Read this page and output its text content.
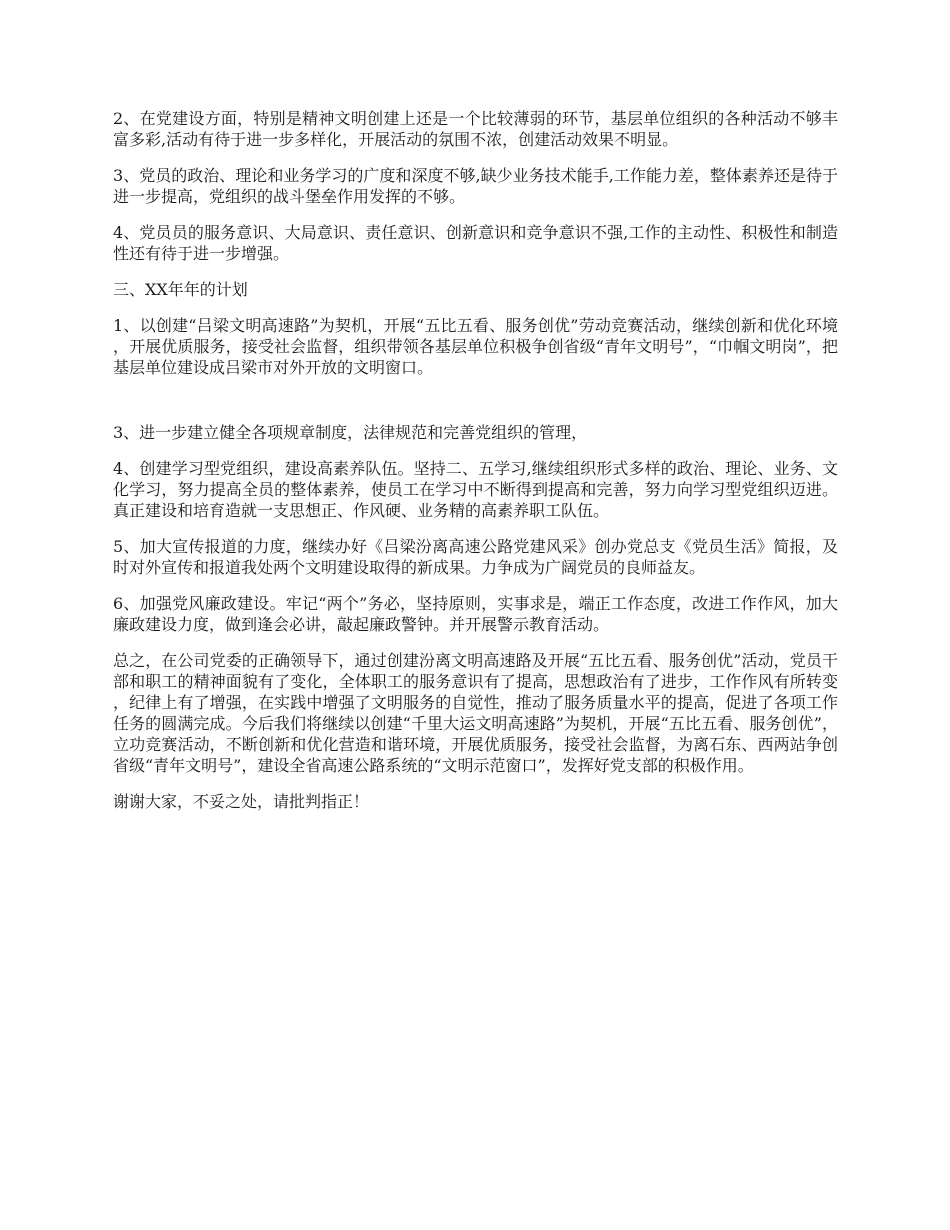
2、在党建设方面，特别是精神文明创建上还是一个比较薄弱的环节，基层单位组织的各种活动不够丰富多彩,活动有待于进一步多样化，开展活动的氛围不浓，创建活动效果不明显。

3、党员的政治、理论和业务学习的广度和深度不够,缺少业务技术能手,工作能力差，整体素养还是待于进一步提高，党组织的战斗堡垒作用发挥的不够。

4、党员员的服务意识、大局意识、责任意识、创新意识和竞争意识不强,工作的主动性、积极性和制造性还有待于进一步增强。

三、XX年年的计划

1、以创建“吕梁文明高速路”为契机，开展“五比五看、服务创优”劳动竞赛活动，继续创新和优化环境，开展优质服务，接受社会监督，组织带领各基层单位积极争创省级“青年文明号”，“巾帼文明岗”，把基层单位建设成吕梁市对外开放的文明窗口。

3、进一步建立健全各项规章制度，法律规范和完善党组织的管理，

4、创建学习型党组织，建设高素养队伍。坚持二、五学习,继续组织形式多样的政治、理论、业务、文化学习，努力提高全员的整体素养，使员工在学习中不断得到提高和完善，努力向学习型党组织迈进。真正建设和培育造就一支思想正、作风硬、业务精的高素养职工队伍。

5、加大宣传报道的力度，继续办好《吕梁汾离高速公路党建风采》创办党总支《党员生活》简报，及时对外宣传和报道我处两个文明建设取得的新成果。力争成为广阔党员的良师益友。

6、加强党风廉政建设。牢记“两个”务必，坚持原则，实事求是，端正工作态度，改进工作作风，加大廉政建设力度，做到逢会必讲，敲起廉政警钟。并开展警示教育活动。

总之，在公司党委的正确领导下，通过创建汾离文明高速路及开展“五比五看、服务创优”活动，党员干部和职工的精神面貌有了变化，全体职工的服务意识有了提高，思想政治有了进步，工作作风有所转变，纪律上有了增强，在实践中增强了文明服务的自觉性，推动了服务质量水平的提高，促进了各项工作任务的圆满完成。今后我们将继续以创建“千里大运文明高速路”为契机，开展“五比五看、服务创优”，立功竞赛活动，不断创新和优化营造和谐环境，开展优质服务，接受社会监督，为离石东、西两站争创省级“青年文明号”，建设全省高速公路系统的“文明示范窗口”，发挥好党支部的积极作用。

谢谢大家，不妥之处，请批判指正！
